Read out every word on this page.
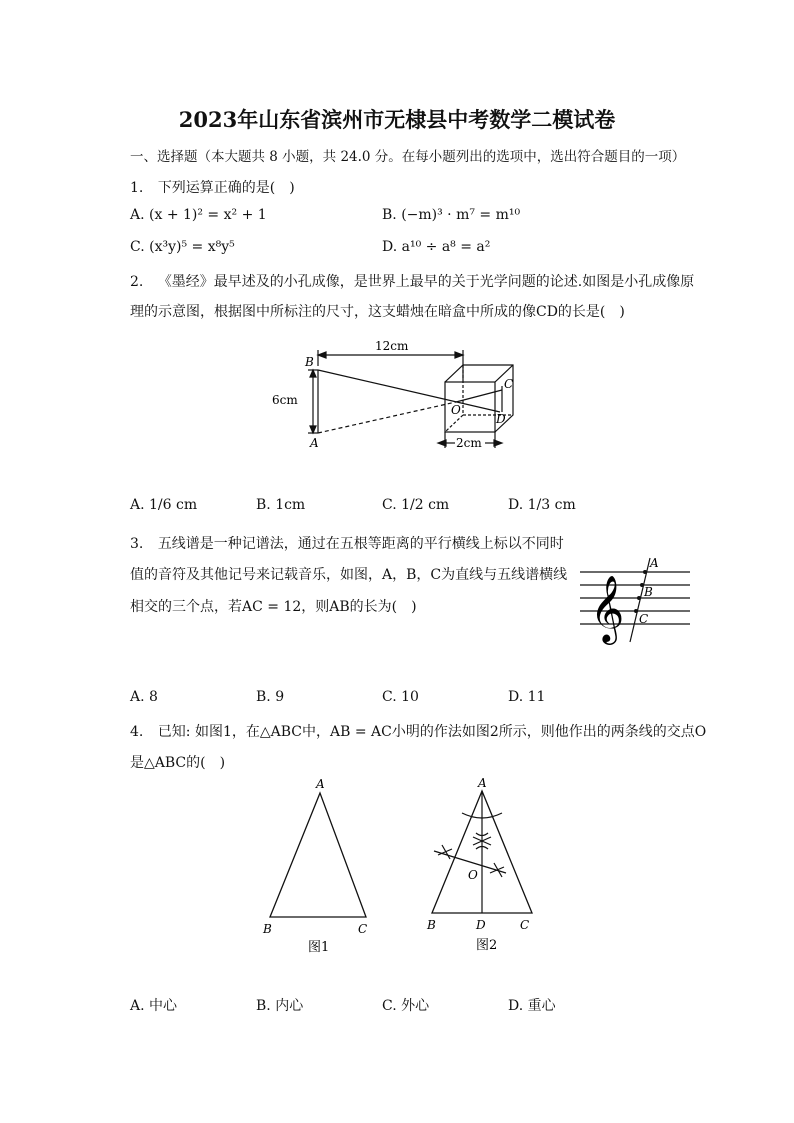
2023年山东省滨州市无棣县中考数学二模试卷
一、选择题（本大题共 8 小题，共 24.0 分。在每小题列出的选项中，选出符合题目的一项）
1. 下列运算正确的是(　)
A. (x + 1)² = x² + 1	B. (−m)³ · m⁷ = m¹⁰
C. (x³y)⁵ = x⁸y⁵	D. a¹⁰ ÷ a⁸ = a²
2. 《墨经》最早述及的小孔成像，是世界上最早的关于光学问题的论述.如图是小孔成像原
理的示意图，根据图中所标注的尺寸，这支蜡烛在暗盒中所成的像CD的长是(　)
12cm
6cm
2cm
B
A
O
C
D
A. 1/6 cm	B. 1cm	C. 1/2 cm	D. 1/3 cm
3. 五线谱是一种记谱法，通过在五根等距离的平行横线上标以不同时
值的音符及其他记号来记载音乐，如图，A，B，C为直线与五线谱横线
相交的三个点，若AC = 12，则AB的长为(　)	𝄞
A
B
C
A. 8	B. 9	C. 10	D. 11
4. 已知: 如图1，在△ABC中，AB = AC小明的作法如图2所示，则他作出的两条线的交点O
是△ABC的(　)
A
B	C
图1
A
O
B	D	C
图2
A. 中心	B. 内心	C. 外心	D. 重心
